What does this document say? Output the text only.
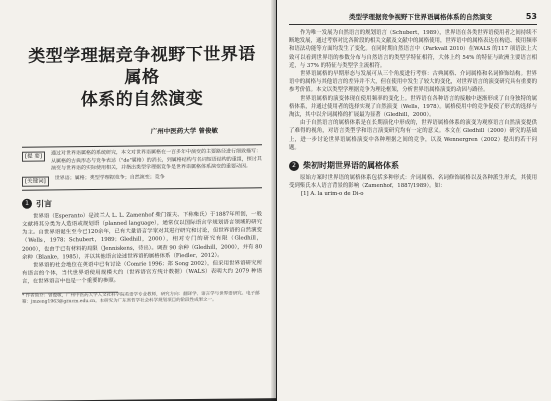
类型学理据竞争视野下世界语属格
体系的自然演变
广州中医药大学 曾俊敏
[提 要]
通过对世界语属格的系统研究，本文对世界语属格在一百多年中演变的主要路径进行细致描写：从属格的古典形态与竞争表达（"de"属格）的消长，到属格结构与名词短语结构的重组，探讨其演变与世界语的实际使用相关，并指出类型学理据竞争是世界语属格体系演变的重要动因。
[关键词]
世界语；属格；类型学理据竞争；自然演变；竞争
1 引言

世界语（Esperanto）是波兰人 L. L. Zamenhof 柴门霍夫、下称柴氏）于1887年所创，一般文献将其分类为人造语或规划语（planned language），通常仅以国际语言学规划语言领域的研究为主。自世界语诞生至今已120余年，已有大量语言学家对其进行研究和讨论，但世界语的自然演变（Wells，1978；Schubert，1989；Gledhill，2000），相对专门的研究有限（Gledhill，2000），也由于已有材料的局限（Jenniskens，待出）。调查 90 余种（Gledhill，2000），并有 80 余种（Blanke，1985），并以其他语言论述世界语的属格体系（Fiedler，2012）。

世界语的社会地位在英语中已有讨论（Comrie 1996；郑 Song 2002），但采用世界语研究所有语言的个体，当代世界语使用规模大约（世界语官方统计数据）（WALS）表明大约 2079 种语言，在世界语言中也是一个重要的参照。

* 作者简介：曾俊敏，广州中医药大学人文社科学院英语学专业教师，研究方向：翻译学、语言学与世界语研究。电子邮箱：jmzeng1963@gzucm.edu.cn。本研究为广东省哲学社会科学规划项目的阶段性成果之一。
类型学理据竞争视野下世界语属格体系的自然演变	53

作为唯一发展为自然语言的规划语言（Schubert，1989），世界语在各类世界语使用者之间持续不断地发展，通过考察对比各阶段的相关文献及文献中的属格使用，世界语中的属格表达在构造、使用频率和语法功能等方面均发生了变化。在同时期自然语言中（Parkvall 2010）在WALS 的117 项语法上大致可以看到世界语的参数分布与自然语言的类型学特征相符，大体上约 54% 的特征与欧洲主要语言相近，与 37% 的特征与类型学主流相符。

世界语属格的早期形态与发展可从三个角度进行考察：古典属格、介词属格和名词修饰结构。世界语中的属格与其他语言的差异并不大，但在使用中发生了较大的变化，对世界语言的演变研究具有重要的参考价值。本文以类型学理据竞争为理论框架，分析世界语属格演变的动因与路径。

世界语属格的演变体现在使用频率的变化上。世界语在各种语言的接触中逐渐形成了自身独特的属格体系，并通过使用者的选择实现了自然演变（Wells，1978）。属格使用中的竞争促使了形式的选择与淘汰，其中以介词属格的扩展最为显著（Gledhill，2000）。

由于自然语言的属格体系是在长期演化中形成的，世界语属格体系的演变为观察语言自然演变提供了难得的视角，对语言类型学和语言演变研究均有一定的意义。本文在 Gledhill（2000）研究的基础上，进一步讨论世界语属格演变中各种理据之间的竞争，以及 Wennergren（2002）提出的若干问题。

2 柴初时期世界语的属格体系

原始方案时世界语的属格体系包括多种形式：介词属格、名词修饰属格以及各种派生形式，其使用受到柴氏本人语言背景的影响（Zamenhof，1887/1989）。如：

[1] A. la urim-o de Di-o
